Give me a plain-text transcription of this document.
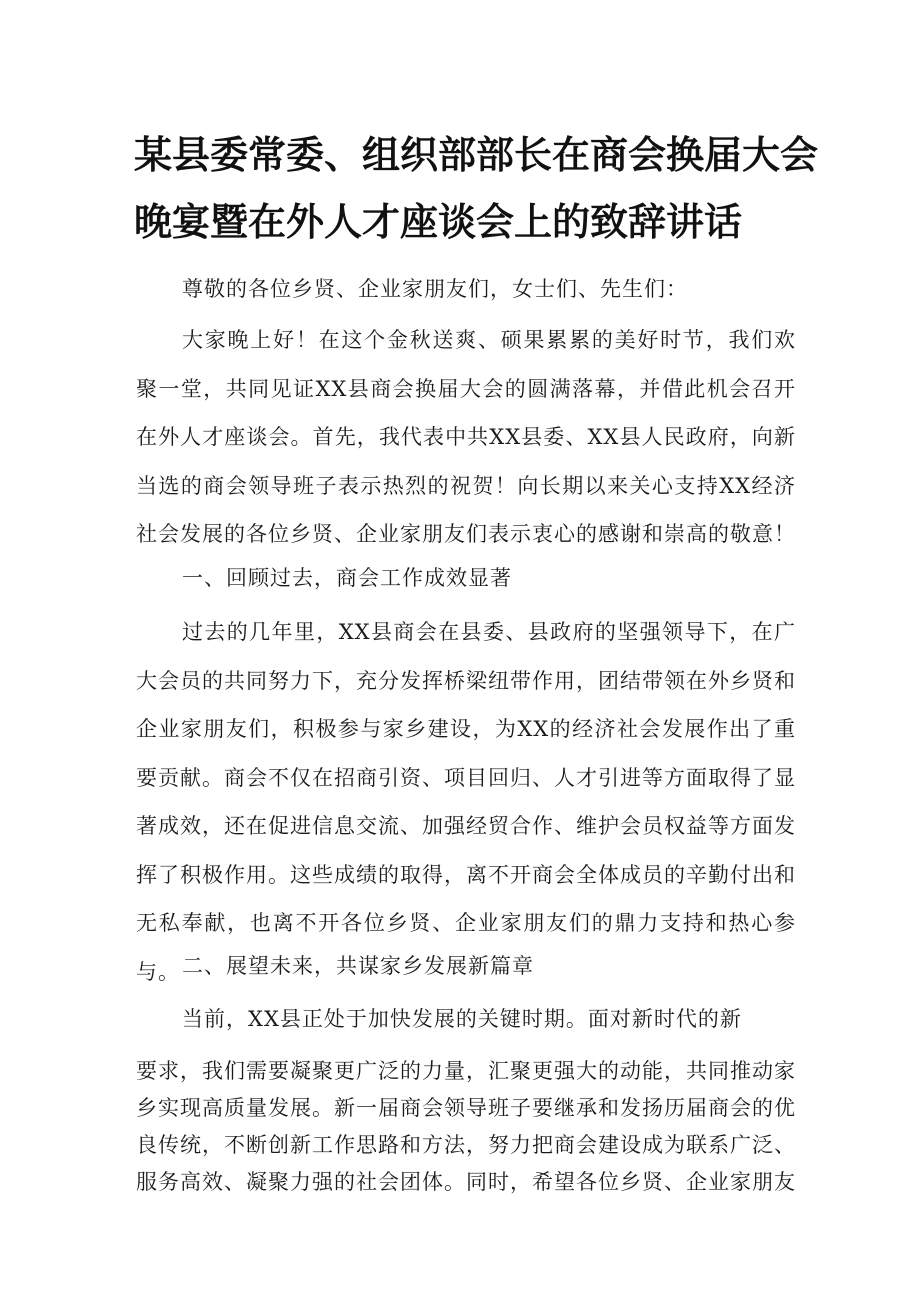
某县委常委、组织部部长在商会换届大会
晚宴暨在外人才座谈会上的致辞讲话

尊敬的各位乡贤、企业家朋友们，女士们、先生们：

大家晚上好！在这个金秋送爽、硕果累累的美好时节，我们欢聚一堂，共同见证XX县商会换届大会的圆满落幕，并借此机会召开在外人才座谈会。首先，我代表中共XX县委、XX县人民政府，向新当选的商会领导班子表示热烈的祝贺！向长期以来关心支持XX经济社会发展的各位乡贤、企业家朋友们表示衷心的感谢和崇高的敬意！

一、回顾过去，商会工作成效显著

过去的几年里，XX县商会在县委、县政府的坚强领导下，在广大会员的共同努力下，充分发挥桥梁纽带作用，团结带领在外乡贤和企业家朋友们，积极参与家乡建设，为XX的经济社会发展作出了重要贡献。商会不仅在招商引资、项目回归、人才引进等方面取得了显著成效，还在促进信息交流、加强经贸合作、维护会员权益等方面发挥了积极作用。这些成绩的取得，离不开商会全体成员的辛勤付出和无私奉献，也离不开各位乡贤、企业家朋友们的鼎力支持和热心参与。 二、展望未来，共谋家乡发展新篇章

当前，XX县正处于加快发展的关键时期。面对新时代的新

要求，我们需要凝聚更广泛的力量，汇聚更强大的动能，共同推动家乡实现高质量发展。新一届商会领导班子要继承和发扬历届商会的优良传统，不断创新工作思路和方法，努力把商会建设成为联系广泛、服务高效、凝聚力强的社会团体。同时，希望各位乡贤、企业家朋友
